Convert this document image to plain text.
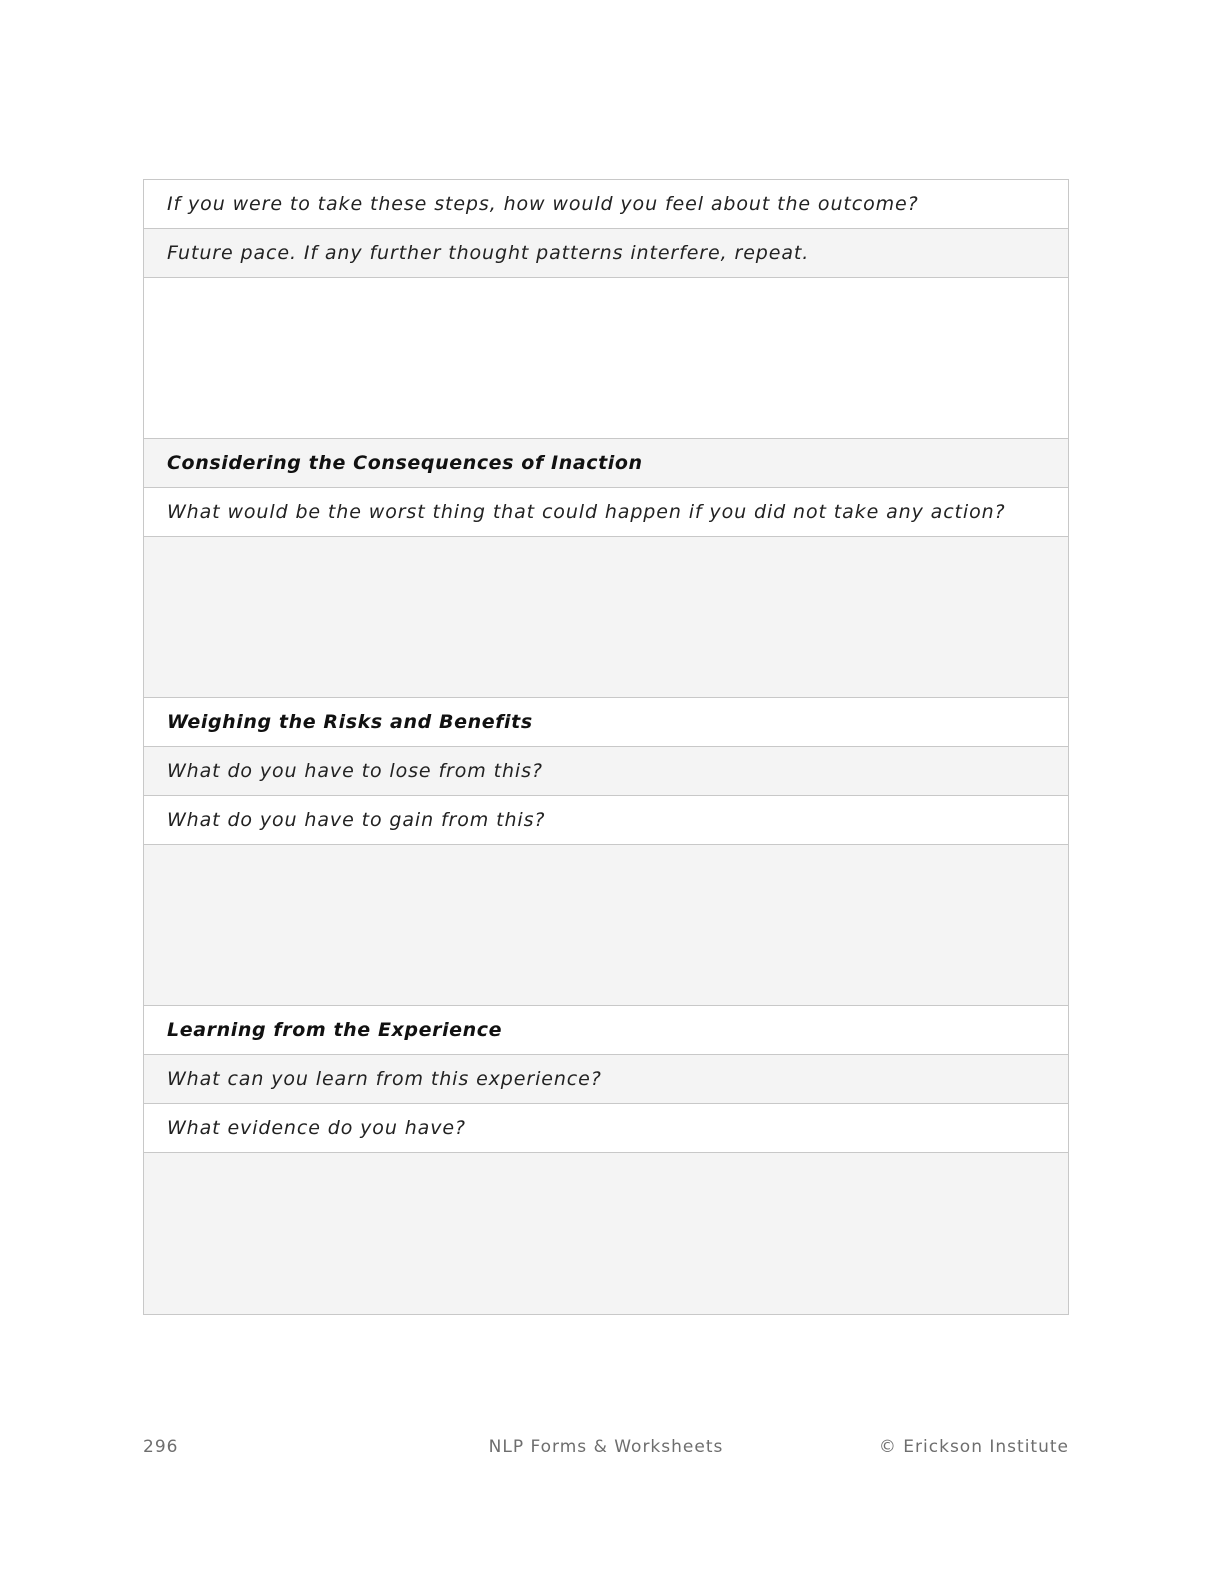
If you were to take these steps, how would you feel about the outcome?
Future pace. If any further thought patterns interfere, repeat.
Considering the Consequences of Inaction
What would be the worst thing that could happen if you did not take any action?
Weighing the Risks and Benefits
What do you have to lose from this?
What do you have to gain from this?
Learning from the Experience
What can you learn from this experience?
What evidence do you have?
296	NLP Forms & Worksheets	© Erickson Institute
